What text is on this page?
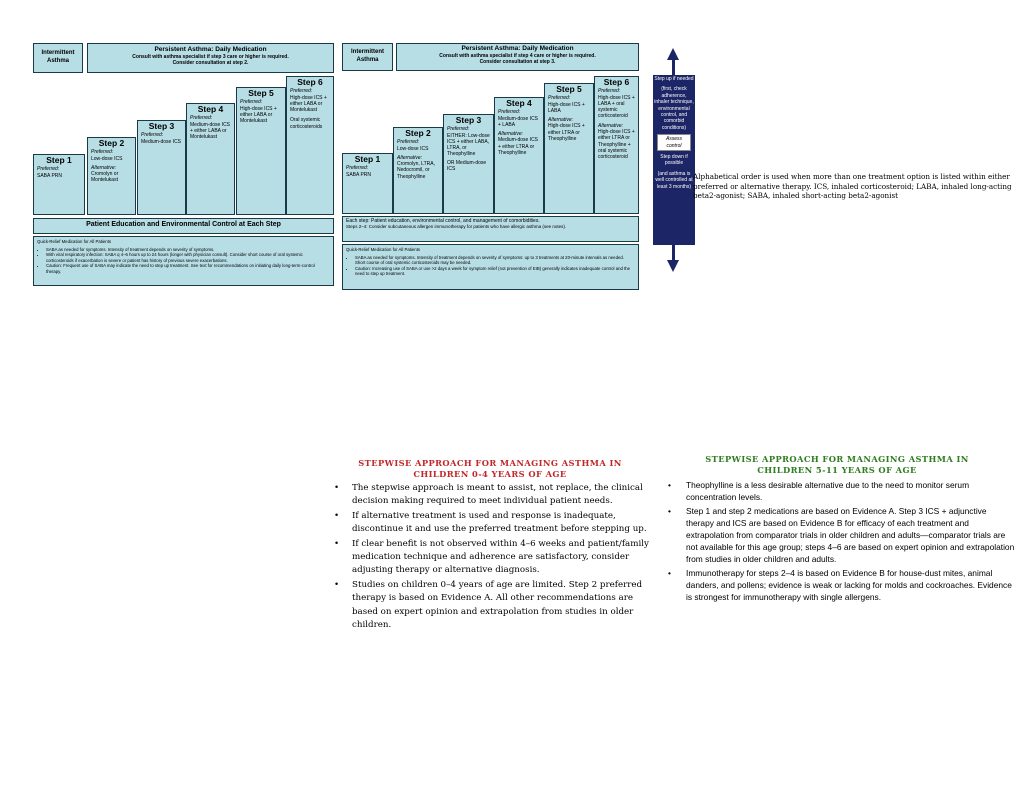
Intermittent Asthma
Persistent Asthma: Daily Medication
Consult with asthma specialist if step 3 care or higher is required.
Consider consultation at step 2.
Step 1
Preferred:
SABA PRN
Step 2
Preferred:
Low-dose ICS
Alternative:
Cromolyn or Montelukast
Step 3
Preferred:
Medium-dose ICS
Step 4
Preferred:
Medium-dose ICS + either LABA or Montelukast
Step 5
Preferred:
High-dose ICS + either LABA or Montelukast
Step 6
Preferred:
High-dose ICS + either LABA or Montelukast
Oral systemic corticosteroids
Patient Education and Environmental Control at Each Step
Quick-Relief Medication for All Patients
• SABA as needed for symptoms. Intensity of treatment depends on severity of symptoms.
• With viral respiratory infection: SABA q 4–6 hours up to 24 hours (longer with physician consult). Consider short course of oral systemic corticosteroids if exacerbation is severe or patient has history of previous severe exacerbations.
• Caution: Frequent use of SABA may indicate the need to step up treatment. See text for recommendations on initiating daily long-term-control therapy.
Intermittent Asthma
Persistent Asthma: Daily Medication
Consult with asthma specialist if step 4 care or higher is required.
Consider consultation at step 3.
Step 1
Preferred:
SABA PRN
Step 2
Preferred:
Low-dose ICS
Alternative:
Cromolyn, LTRA, Nedocromil, or Theophylline
Step 3
Preferred:
EITHER: Low-dose ICS + either LABA, LTRA, or Theophylline
OR Medium-dose ICS
Step 4
Preferred:
Medium-dose ICS + LABA
Alternative:
Medium-dose ICS + either LTRA or Theophylline
Step 5
Preferred:
High-dose ICS + LABA
Alternative:
High-dose ICS + either LTRA or Theophylline
Step 6
Preferred:
High-dose ICS + LABA + oral systemic corticosteroid
Alternative:
High-dose ICS + either LTRA or Theophylline + oral systemic corticosteroid
Each step: Patient education, environmental control, and management of comorbidities.
Steps 2–4: Consider subcutaneous allergen immunotherapy for patients who have allergic asthma (see notes).
Quick-Relief Medication for All Patients
• SABA as needed for symptoms. Intensity of treatment depends on severity of symptoms: up to 3 treatments at 20-minute intervals as needed. Short course of oral systemic corticosteroids may be needed.
• Caution: Increasing use of SABA or use >2 days a week for symptom relief (not prevention of EIB) generally indicates inadequate control and the need to step up treatment.
Step up if needed
(first, check adherence, inhaler technique, environmental control, and comorbid conditions)
Assess control
Step down if possible
(and asthma is well controlled at least 3 months)
Alphabetical order is used when more than one treatment option is listed within either preferred or alternative therapy. ICS, inhaled corticosteroid; LABA, inhaled long-acting beta2-agonist; SABA, inhaled short-acting beta2-agonist
STEPWISE APPROACH FOR MANAGING ASTHMA IN
CHILDREN 0-4 YEARS OF AGE
• The stepwise approach is meant to assist, not replace, the clinical decision making required to meet individual patient needs.
• If alternative treatment is used and response is inadequate, discontinue it and use the preferred treatment before stepping up.
• If clear benefit is not observed within 4–6 weeks and patient/family medication technique and adherence are satisfactory, consider adjusting therapy or alternative diagnosis.
• Studies on children 0–4 years of age are limited. Step 2 preferred therapy is based on Evidence A. All other recommendations are based on expert opinion and extrapolation from studies in older children.
STEPWISE APPROACH FOR MANAGING ASTHMA IN
CHILDREN 5-11 YEARS OF AGE
• Theophylline is a less desirable alternative due to the need to monitor serum concentration levels.
• Step 1 and step 2 medications are based on Evidence A. Step 3 ICS + adjunctive therapy and ICS are based on Evidence B for efficacy of each treatment and extrapolation from comparator trials in older children and adults—comparator trials are not available for this age group; steps 4–6 are based on expert opinion and extrapolation from studies in older children and adults.
• Immunotherapy for steps 2–4 is based on Evidence B for house-dust mites, animal danders, and pollens; evidence is weak or lacking for molds and cockroaches. Evidence is strongest for immunotherapy with single allergens.
